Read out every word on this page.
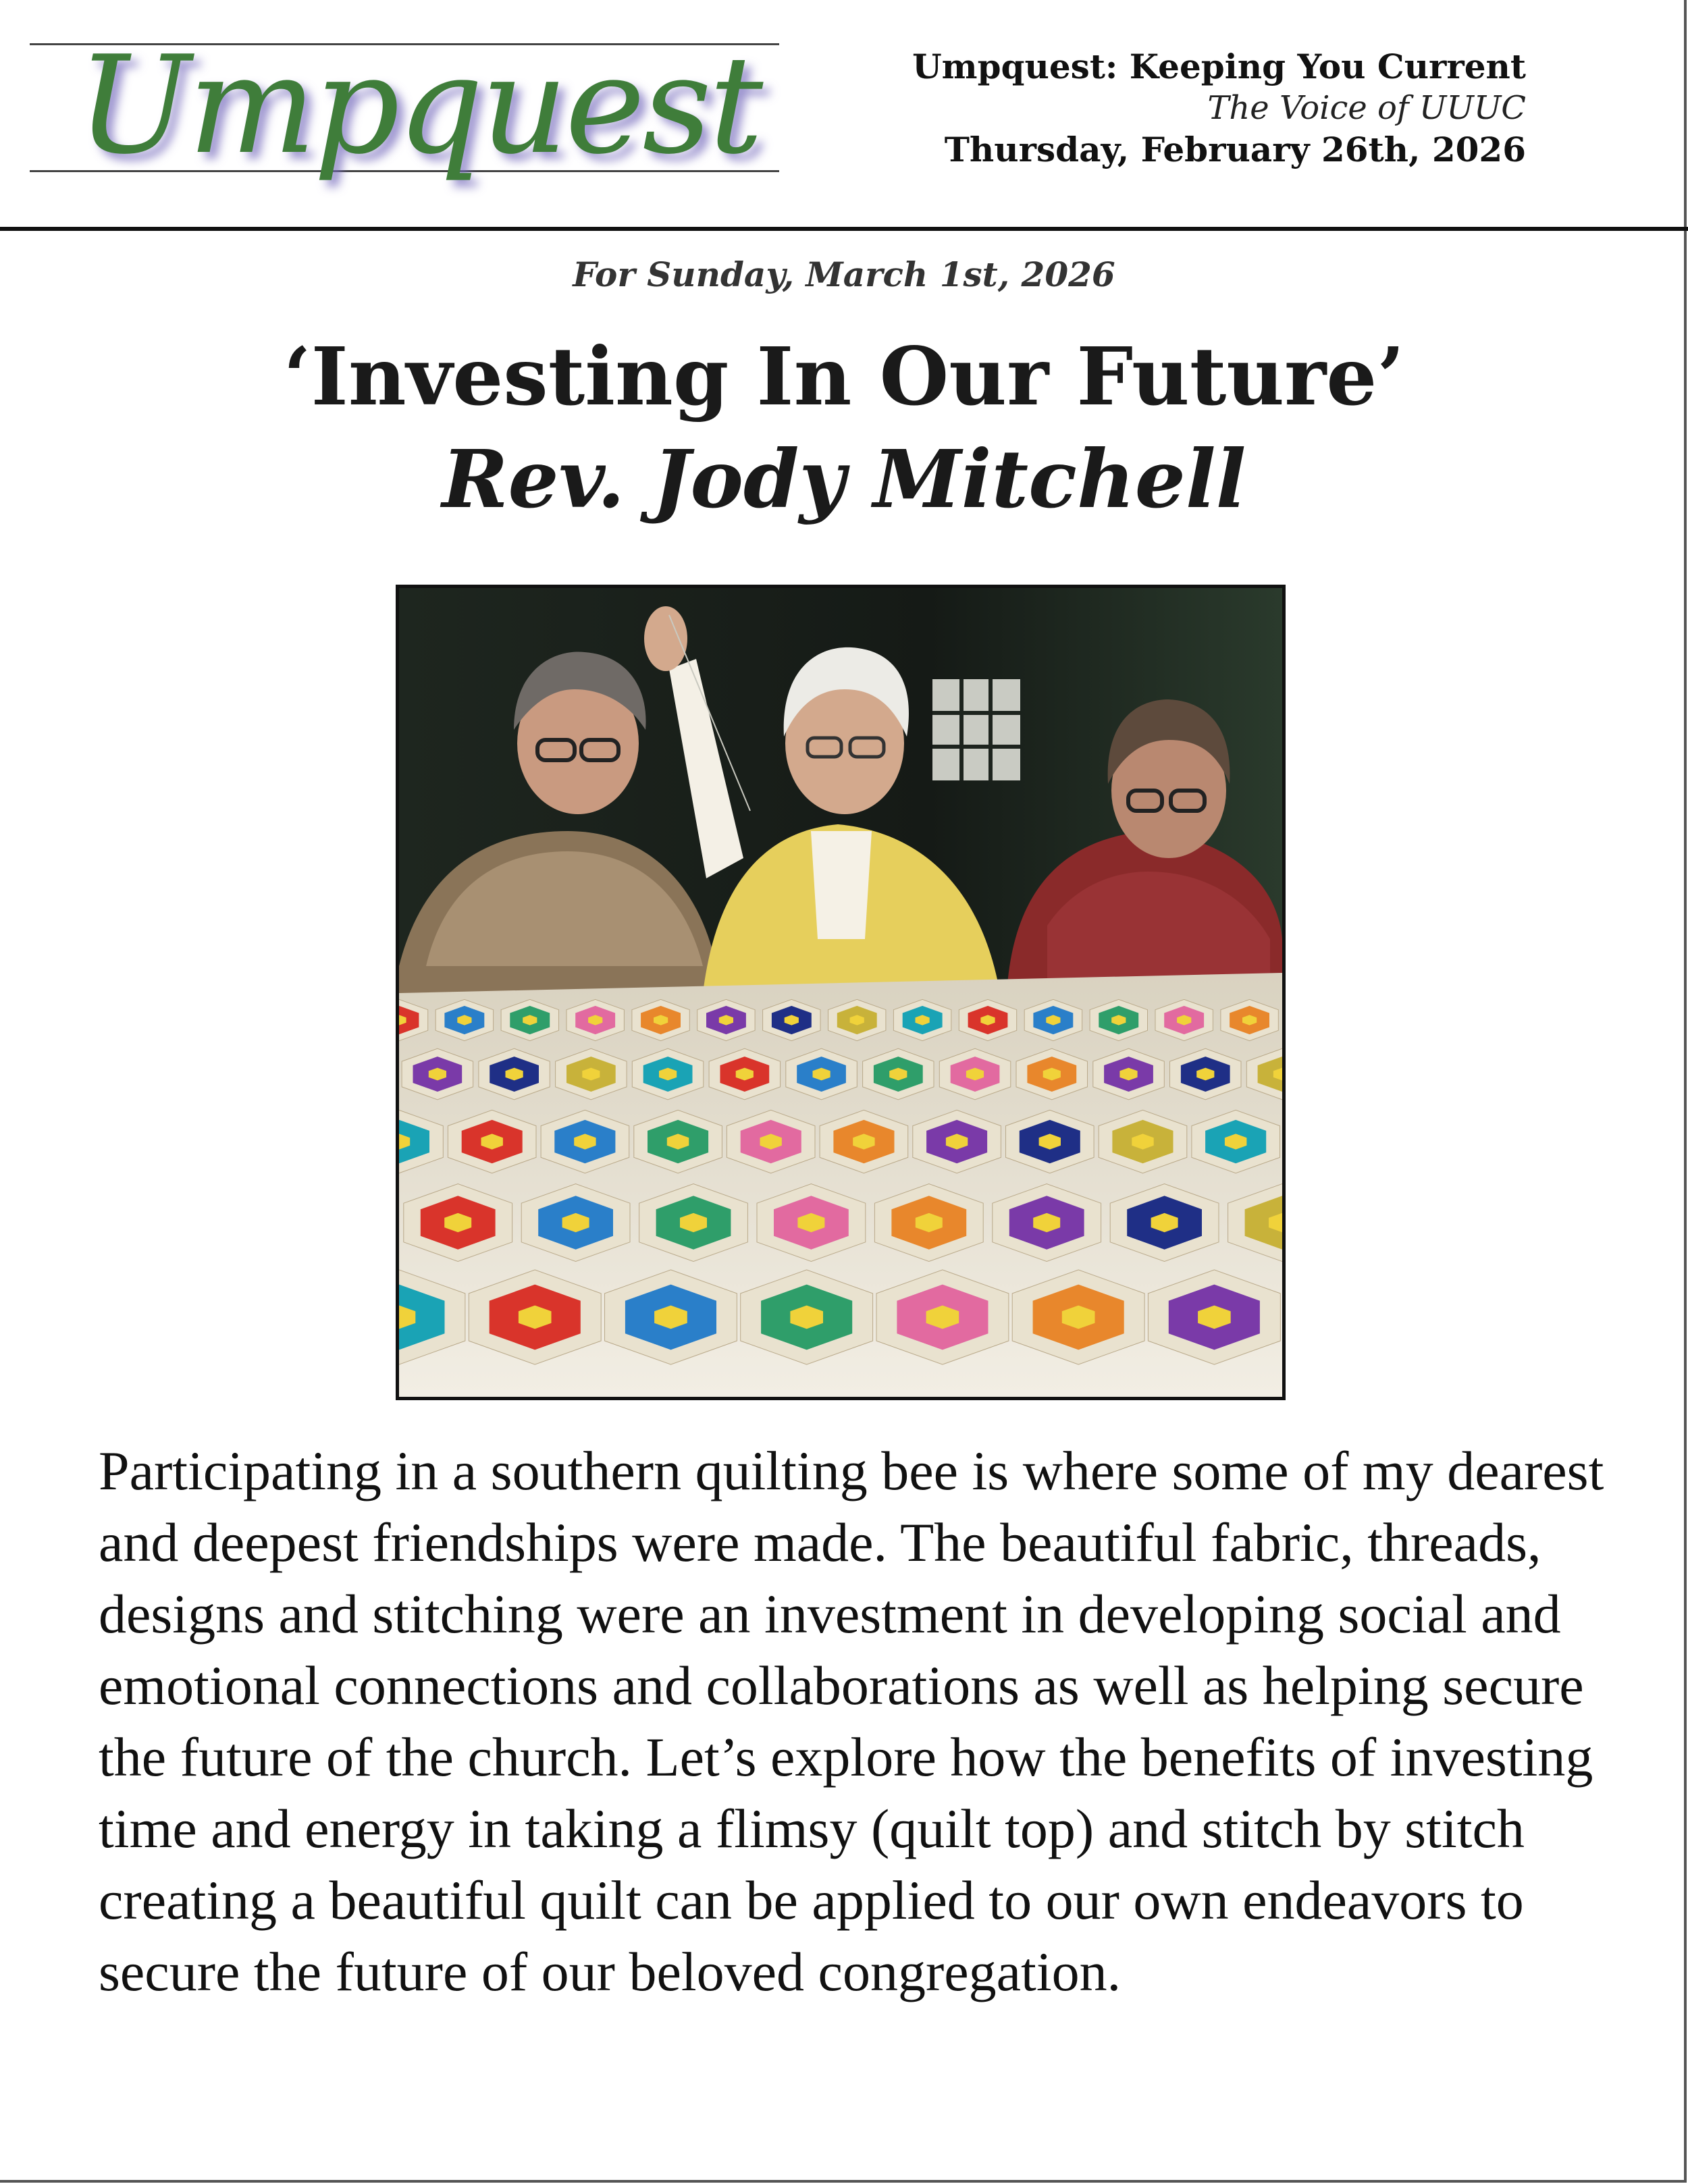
Umpquest	Umpquest: Keeping You Current
The Voice of UUUC
Thursday, February 26th, 2026
For Sunday, March 1st, 2026
‘Investing In Our Future’
Rev. Jody Mitchell
Participating in a southern quilting bee is where some of my dearest and deepest friendships were made. The beautiful fabric, threads, designs and stitching were an investment in developing social and emotional connections and collaborations as well as helping secure the future of the church. Let’s explore how the benefits of investing time and energy in taking a flimsy (quilt top) and stitch by stitch creating a beautiful quilt can be applied to our own endeavors to secure the future of our beloved congregation.
